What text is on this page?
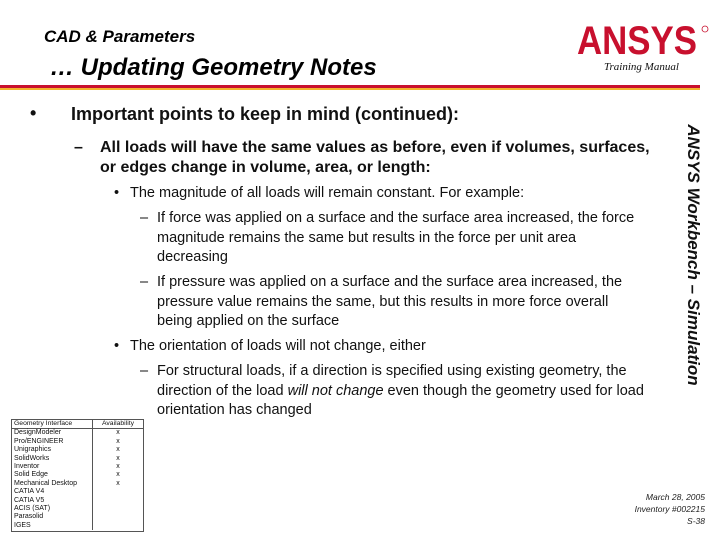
CAD & Parameters
… Updating Geometry Notes
ANSYS
Training Manual
ANSYS Workbench – Simulation
• Important points to keep in mind (continued):
– All loads will have the same values as before, even if volumes, surfaces, or edges change in volume, area, or length:
• The magnitude of all loads will remain constant. For example:
– If force was applied on a surface and the surface area increased, the force magnitude remains the same but results in the force per unit area decreasing
– If pressure was applied on a surface and the surface area increased, the pressure value remains the same, but this results in more force overall being applied on the surface
• The orientation of loads will not change, either
– For structural loads, if a direction is specified using existing geometry, the direction of the load will not change even though the geometry used for load orientation has changed
Geometry Interface	Availability
DesignModeler	x
Pro/ENGINEER	x
Unigraphics	x
SolidWorks	x
Inventor	x
Solid Edge	x
Mechanical Desktop	x
CATIA V4	
CATIA V5	
ACIS (SAT)	
Parasolid	
IGES	
March 28, 2005
Inventory #002215
S-38
